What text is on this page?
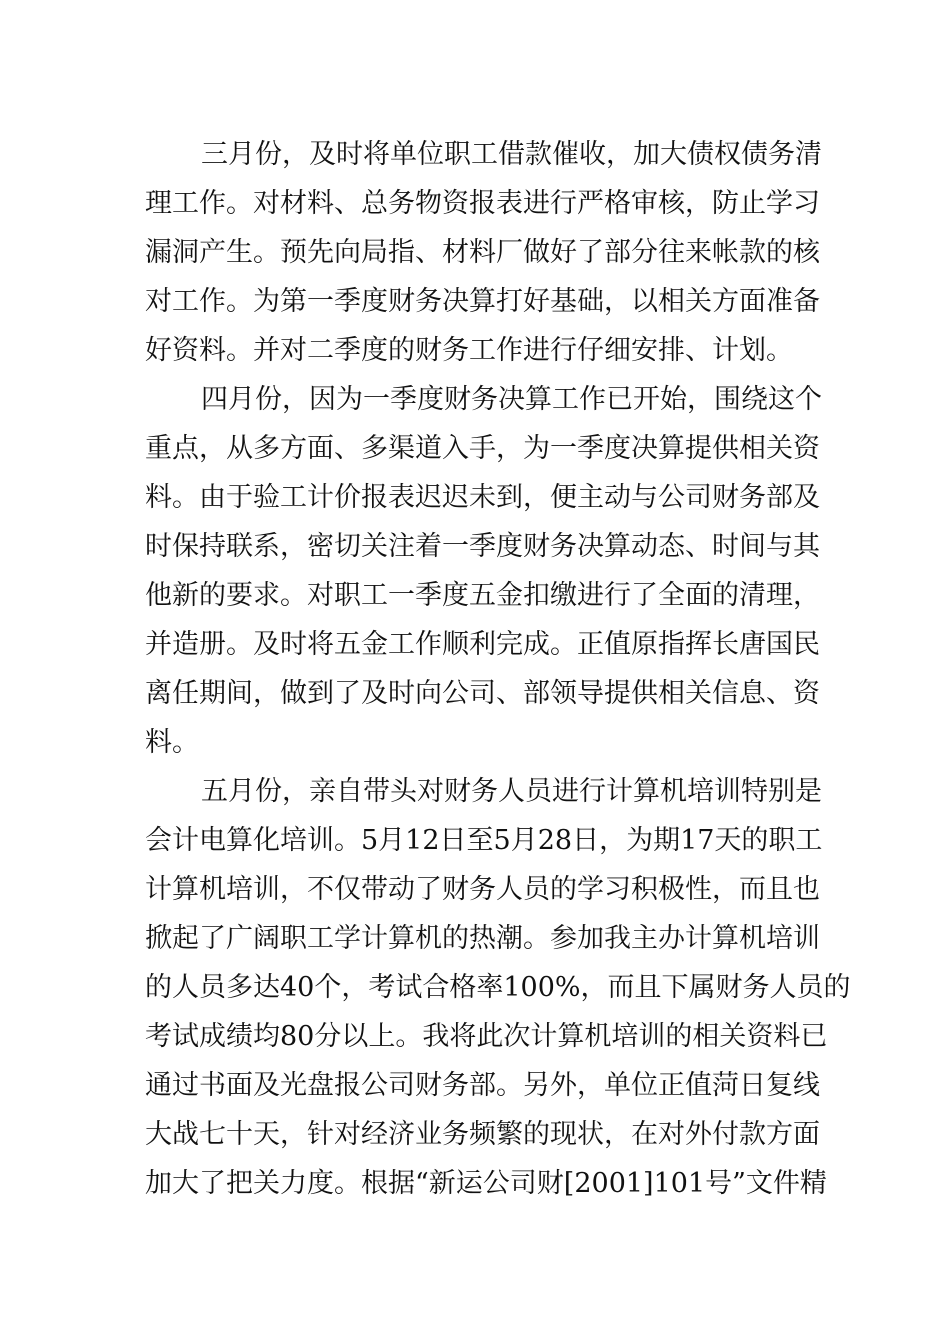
三月份，及时将单位职工借款催收，加大债权债务清
理工作。对材料、总务物资报表进行严格审核，防止学习
漏洞产生。预先向局指、材料厂做好了部分往来帐款的核
对工作。为第一季度财务决算打好基础，以相关方面准备
好资料。并对二季度的财务工作进行仔细安排、计划。
四月份，因为一季度财务决算工作已开始，围绕这个
重点，从多方面、多渠道入手，为一季度决算提供相关资
料。由于验工计价报表迟迟未到，便主动与公司财务部及
时保持联系，密切关注着一季度财务决算动态、时间与其
他新的要求。对职工一季度五金扣缴进行了全面的清理，
并造册。及时将五金工作顺利完成。正值原指挥长唐国民
离任期间，做到了及时向公司、部领导提供相关信息、资
料。
五月份，亲自带头对财务人员进行计算机培训特别是
会计电算化培训。5月12日至5月28日，为期17天的职工
计算机培训，不仅带动了财务人员的学习积极性，而且也
掀起了广阔职工学计算机的热潮。参加我主办计算机培训
的人员多达40个，考试合格率100%，而且下属财务人员的
考试成绩均80分以上。我将此次计算机培训的相关资料已
通过书面及光盘报公司财务部。另外，单位正值菏日复线
大战七十天，针对经济业务频繁的现状，在对外付款方面
加大了把关力度。根据“新运公司财[2001]101号”文件精
